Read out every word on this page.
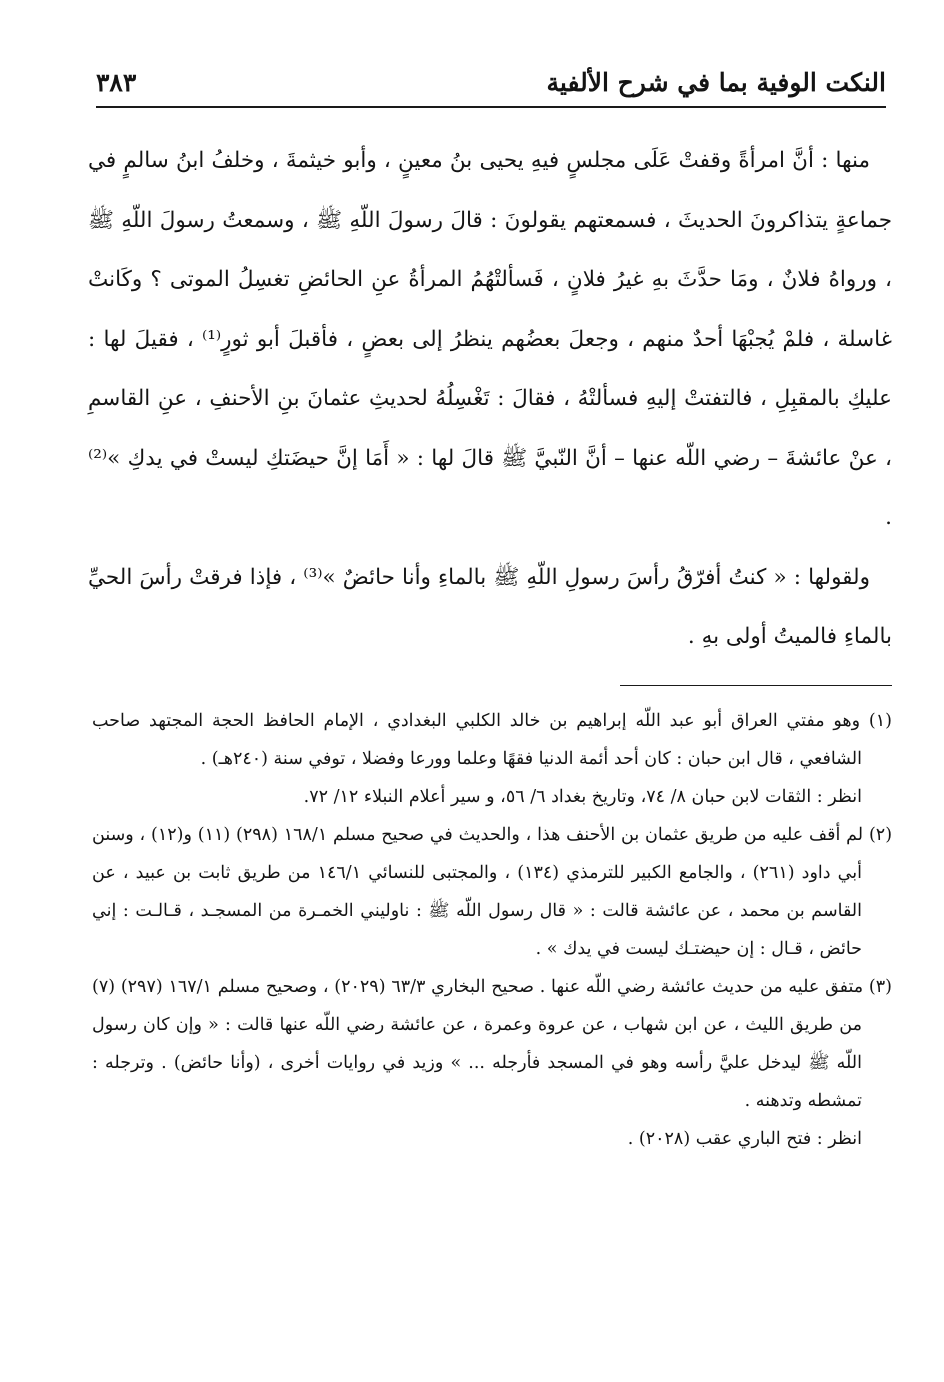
النكت الوفية بما في شرح الألفية
٣٨٣

منها : أنَّ امرأةً وقفتْ عَلَى مجلسٍ فيهِ يحيى بنُ معينٍ ، وأبو خيثمةَ ، وخلفُ ابنُ سالمٍ في جماعةٍ يتذاكرونَ الحديثَ ، فسمعتهم يقولونَ : قالَ رسولَ اللّهِ ﷺ ، وسمعتُ رسولَ اللّهِ ﷺ ، ورواهُ فلانٌ ، ومَا حدَّثَ بهِ غيرُ فلانٍ ، فَسألتْهُمُ المرأةُ عنِ الحائضِ تغسِلُ الموتى ؟ وكَانتْ غاسلة ، فلمْ يُجبْهَا أحدٌ منهم ، وجعلَ بعضُهم ينظرُ إلى بعضٍ ، فأقبلَ أبو ثورٍ⁽¹⁾ ، فقيلَ لها : عليكِ بالمقبِلِ ، فالتفتتْ إليهِ فسألتْهُ ، فقالَ : تَغْسِلُهُ لحديثِ عثمانَ بنِ الأحنفِ ، عنِ القاسمِ ، عنْ عائشةَ – رضي اللّه عنها – أنَّ النّبيَّ ﷺ قالَ لها : « أَمَا إنَّ حيضَتكِ ليستْ في يدكِ »⁽²⁾ .

ولقولها : « كنتُ أفرّقُ رأسَ رسولِ اللّهِ ﷺ بالماءِ وأنا حائضٌ »⁽³⁾ ، فإذا فرقتْ رأسَ الحيِّ بالماءِ فالميتُ أولى بهِ .

(١) وهو مفتي العراق أبو عبد اللّه إبراهيم بن خالد الكلبي البغدادي ، الإمام الحافظ الحجة المجتهد صاحب الشافعي ، قال ابن حبان : كان أحد أئمة الدنيا فقهًا وعلما وورعا وفضلا ، توفي سنة (٢٤٠هـ) .

انظر : الثقات لابن حبان ٨/ ٧٤، وتاريخ بغداد ٦/ ٥٦، و سير أعلام النبلاء ١٢/ ٧٢.

(٢) لم أقف عليه من طريق عثمان بن الأحنف هذا ، والحديث في صحيح مسلم ١٦٨/١ (٢٩٨) (١١) و(١٢) ، وسنن أبي داود (٢٦١) ، والجامع الكبير للترمذي (١٣٤) ، والمجتبى للنسائي ١٤٦/١ من طريق ثابت بن عبيد ، عن القاسم بن محمد ، عن عائشة قالت : « قال رسول اللّه ﷺ : ناوليني الخمـرة من المسجـد ، قـالـت : إني حائض ، قـال : إن حيضتـك ليست في يدك » .

(٣) متفق عليه من حديث عائشة رضي اللّه عنها . صحيح البخاري ٦٣/٣ (٢٠٢٩) ، وصحيح مسلم ١٦٧/١ (٢٩٧) (٧) من طريق الليث ، عن ابن شهاب ، عن عروة وعمرة ، عن عائشة رضي اللّه عنها قالت : « وإن كان رسول اللّه ﷺ ليدخل عليَّ رأسه وهو في المسجد فأرجله ... » وزيد في روايات أخرى ، (وأنا حائض) . وترجله : تمشطه وتدهنه .

انظر : فتح الباري عقب (٢٠٢٨) .
